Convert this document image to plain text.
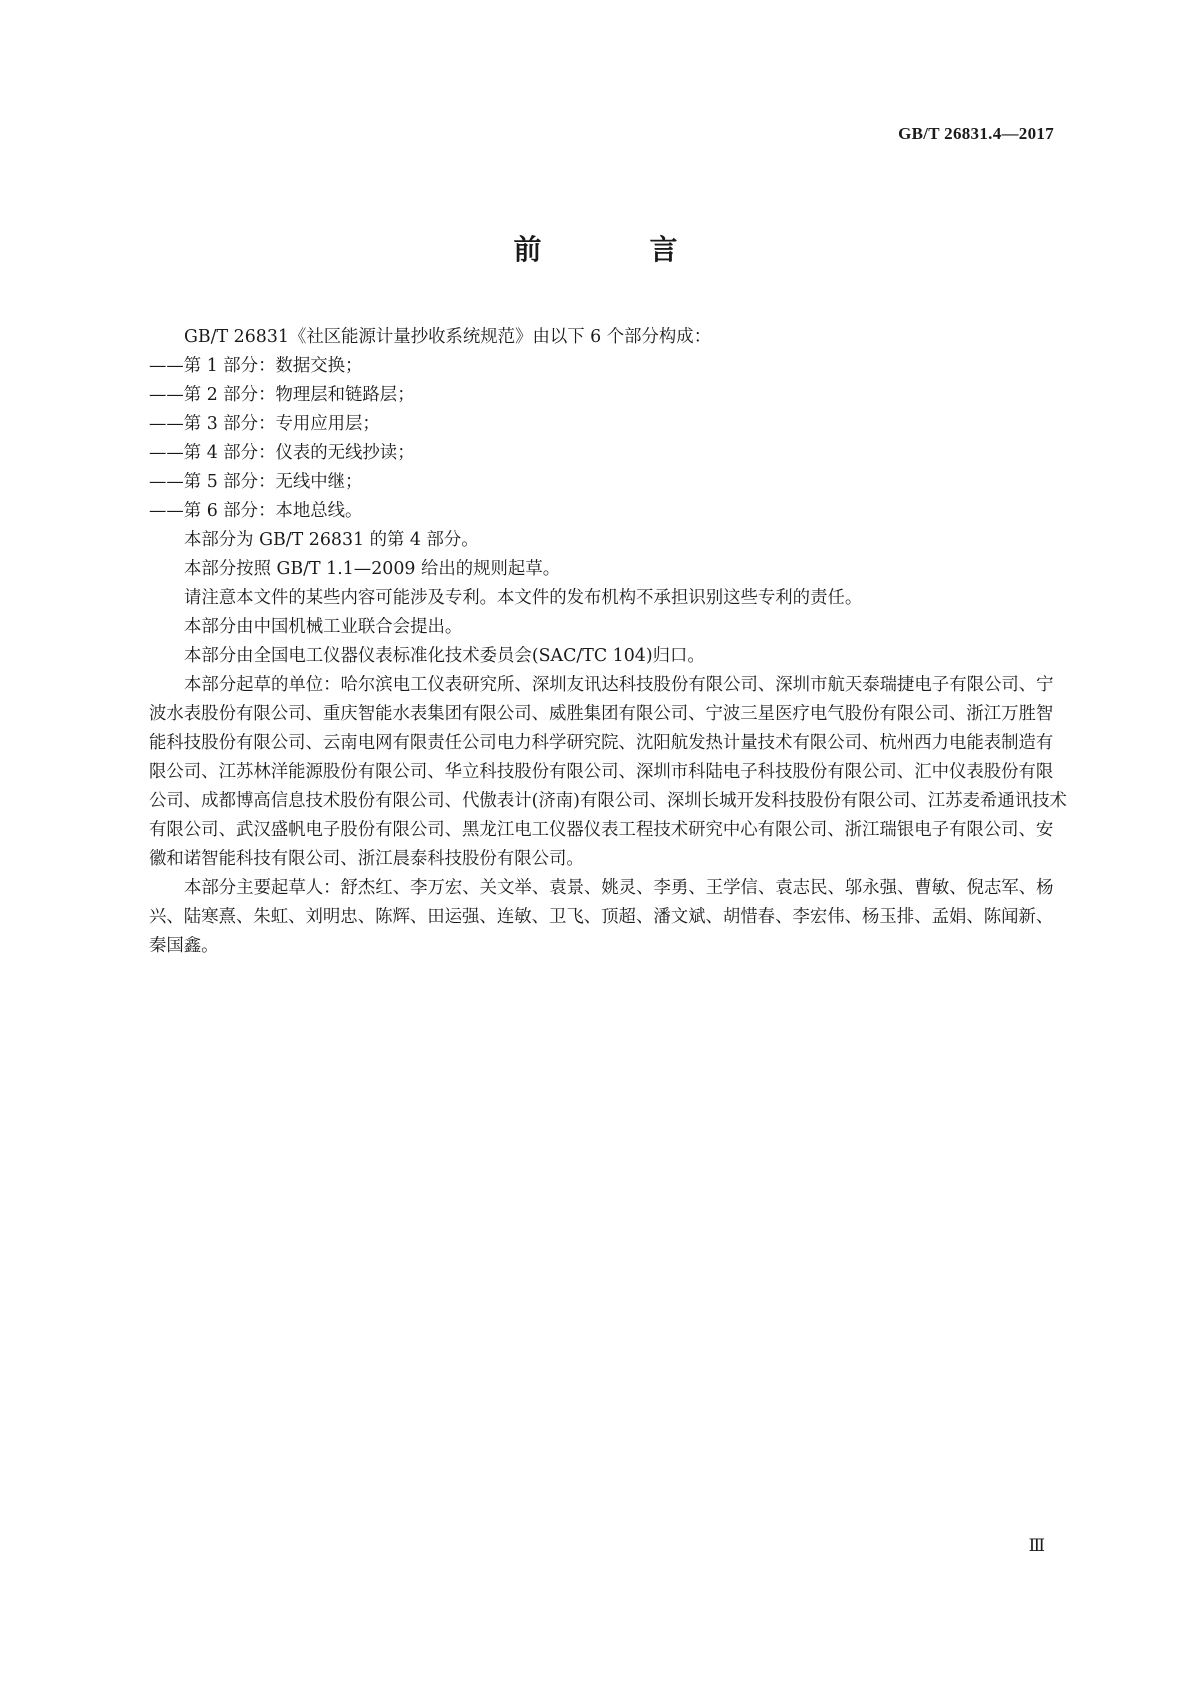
GB/T 26831.4—2017
前　言

GB/T 26831《社区能源计量抄收系统规范》由以下 6 个部分构成：

——第 1 部分：数据交换；

——第 2 部分：物理层和链路层；

——第 3 部分：专用应用层；

——第 4 部分：仪表的无线抄读；

——第 5 部分：无线中继；

——第 6 部分：本地总线。

本部分为 GB/T 26831 的第 4 部分。

本部分按照 GB/T 1.1—2009 给出的规则起草。

请注意本文件的某些内容可能涉及专利。本文件的发布机构不承担识别这些专利的责任。

本部分由中国机械工业联合会提出。

本部分由全国电工仪器仪表标准化技术委员会(SAC/TC 104)归口。

本部分起草的单位：哈尔滨电工仪表研究所、深圳友讯达科技股份有限公司、深圳市航天泰瑞捷电子有限公司、宁波水表股份有限公司、重庆智能水表集团有限公司、威胜集团有限公司、宁波三星医疗电气股份有限公司、浙江万胜智能科技股份有限公司、云南电网有限责任公司电力科学研究院、沈阳航发热计量技术有限公司、杭州西力电能表制造有限公司、江苏林洋能源股份有限公司、华立科技股份有限公司、深圳市科陆电子科技股份有限公司、汇中仪表股份有限公司、成都博高信息技术股份有限公司、代傲表计(济南)有限公司、深圳长城开发科技股份有限公司、江苏麦希通讯技术有限公司、武汉盛帆电子股份有限公司、黑龙江电工仪器仪表工程技术研究中心有限公司、浙江瑞银电子有限公司、安徽和诺智能科技有限公司、浙江晨泰科技股份有限公司。

本部分主要起草人：舒杰红、李万宏、关文举、袁景、姚灵、李勇、王学信、袁志民、邬永强、曹敏、倪志军、杨兴、陆寒熹、朱虹、刘明忠、陈辉、田运强、连敏、卫飞、顶超、潘文斌、胡惜春、李宏伟、杨玉排、孟娟、陈闻新、秦国鑫。

Ⅲ
